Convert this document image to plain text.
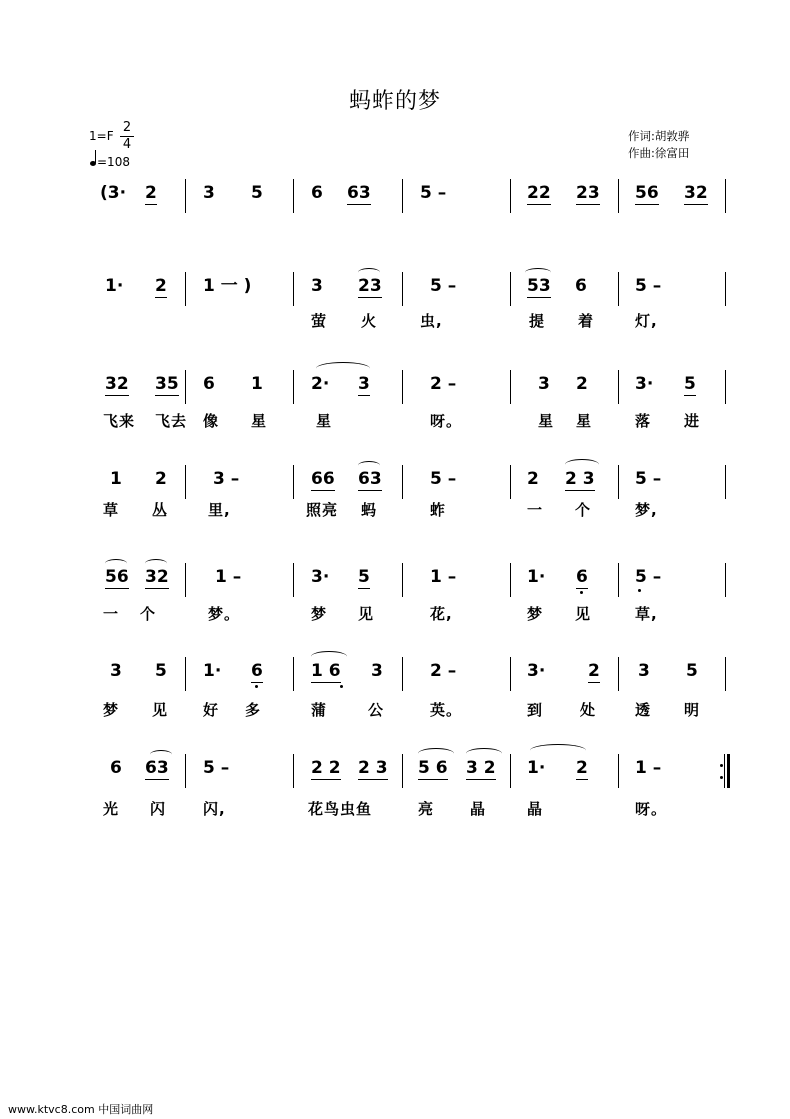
蚂蚱的梦
1=F
2
4
=108
作词:胡敦骅
作曲:徐富田
(3· 2	3 5	6 63	5 –	22 23 56 32
1· 2 1 一 )	3 23	5 –	53 6	5 –
萤 火	虫,	提 着	灯,
32 35 6 1	2· 3	2 –	3 2	3· 5
飞来 飞去 像 星	星	呀。	星 星	落 进
1 2	3 –	66 63	5 –	2 2 3 5 –
草 丛	里,	照亮 蚂	蚱	一 个	梦,
56 32	1 –	3· 5	1 –	1· 6	5 –
一 个	梦。	梦 见	花,	梦 见	草,
3 5 1· 6	1 6 3	2 –	3·	2 3 5
梦 见 好 多	蒲	公	英。	到 处	透 明
6 63 5 –	2 2 2 3 5 6 3 2 1· 2	1 –
光 闪 闪,	花鸟虫鱼	亮 晶	晶	呀。
www.ktvc8.com 中国词曲网
